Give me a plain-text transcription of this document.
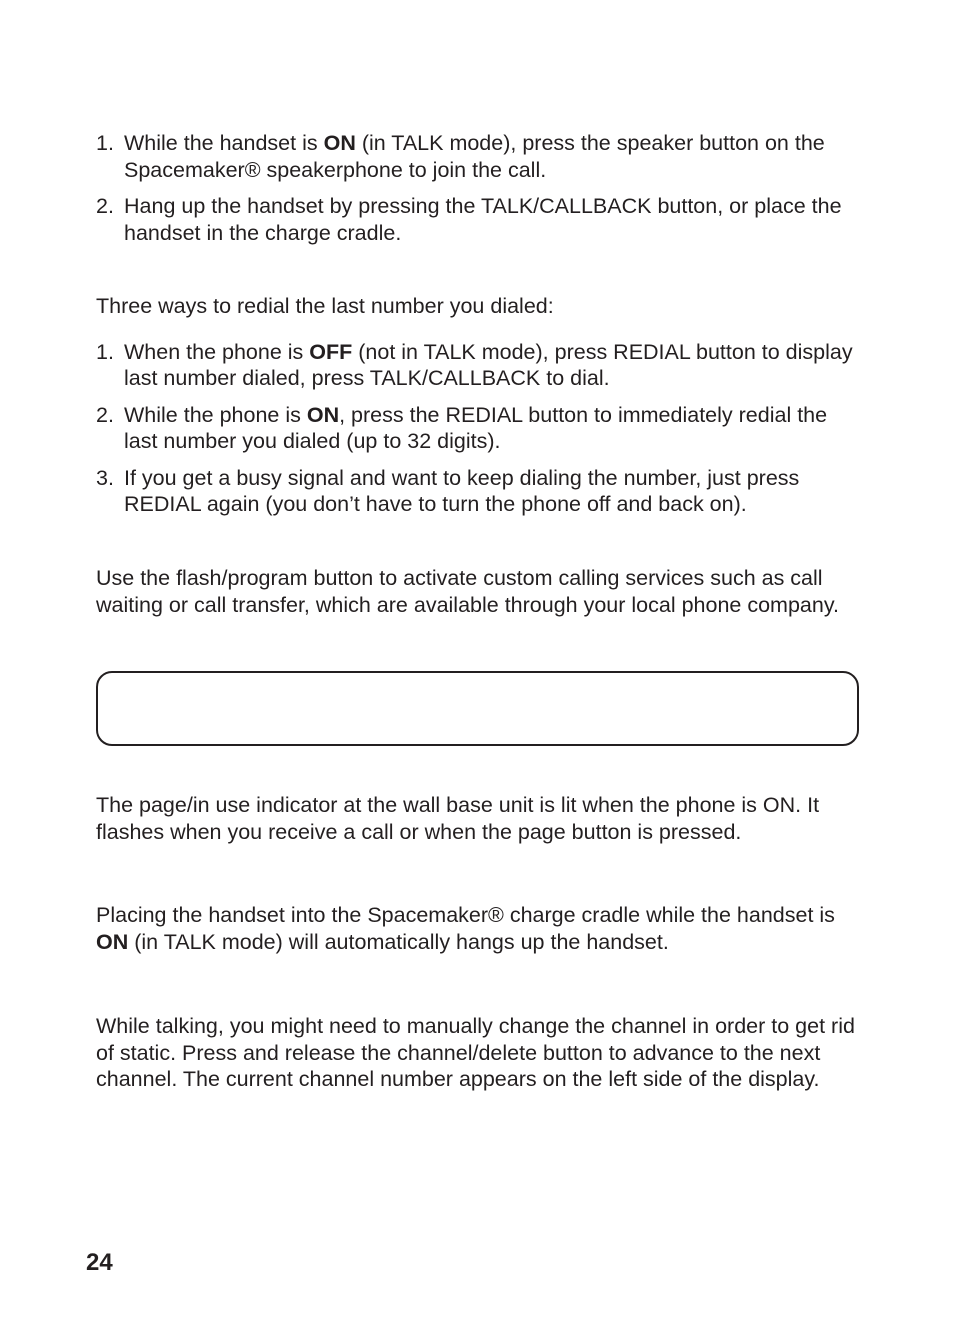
1. While the handset is ON (in TALK mode), press the speaker button on the Spacemaker® speakerphone to join the call.
2. Hang up the handset by pressing the TALK/CALLBACK button, or place the handset in the charge cradle.

Three ways to redial the last number you dialed:

1. When the phone is OFF (not in TALK mode), press REDIAL button to display last number dialed, press TALK/CALLBACK to dial.
2. While the phone is ON, press the REDIAL button to immediately redial the last number you dialed (up to 32 digits).
3. If you get a busy signal and want to keep dialing the number, just press REDIAL again (you don’t have to turn the phone off and back on).

Use the flash/program button to activate custom calling services such as call waiting or call transfer, which are available through your local phone company.

The page/in use indicator at the wall base unit is lit when the phone is ON. It flashes when you receive a call or when the page button is pressed.

Placing the handset into the Spacemaker® charge cradle while the handset is ON (in TALK mode) will automatically hangs up the handset.

While talking, you might need to manually change the channel in order to get rid of static. Press and release the channel/delete button to advance to the next channel. The current channel number appears on the left side of the display.

24
